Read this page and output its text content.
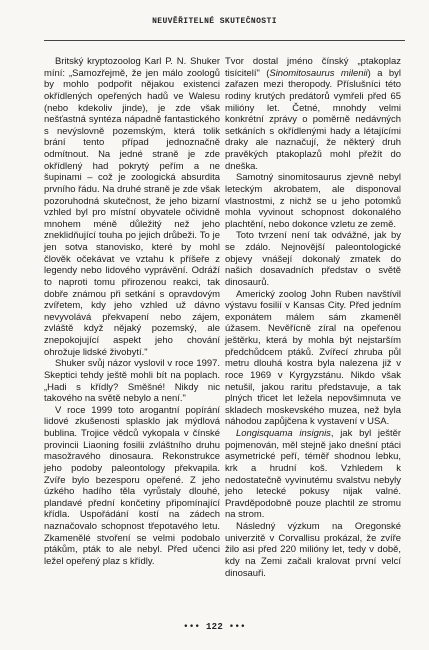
NEUVĚŘITELNÉ SKUTEČNOSTI

Britský kryptozoolog Karl P. N. Shuker míní: „Samozřejmě, že jen málo zoologů by mohlo podpořit nějakou existenci okřídlených opeřených hadů ve Walesu (nebo kdekoliv jinde), je zde však nešťastná syntéza nápadně fantastického s nevýslovně pozemským, která tolik brání tento případ jednoznačně odmítnout. Na jedné straně je zde okřídlený had pokrytý peřím a ne šupinami – což je zoologická absurdita prvního řádu. Na druhé straně je zde však pozoruhodná skutečnost, že jeho bizarní vzhled byl pro místní obyvatele očividně mnohem méně důležitý než jeho zneklidňující touha po jejich drůbeži. To je jen sotva stanovisko, které by mohl člověk očekávat ve vztahu k příšeře z legendy nebo lidového vyprávění. Odráží to naproti tomu přirozenou reakci, tak dobře známou při setkání s opravdovým zvířetem, kdy jeho vzhled už dávno nevyvolává překvapení nebo zájem, zvláště když nějaký pozemský, ale znepokojující aspekt jeho chování ohrožuje lidské živobytí."

Shuker svůj názor vyslovil v roce 1997. Skeptici tehdy ještě mohli bít na poplach. „Hadi s křídly? Směšné! Nikdy nic takového na světě nebylo a není."

V roce 1999 toto arogantní popírání lidové zkušenosti splasklo jak mýdlová bublina. Trojice vědců vykopala v čínské provincii Liaoning fosilii zvláštního druhu masožravého dinosaura. Rekonstrukce jeho podoby paleontology překvapila. Zvíře bylo bezesporu opeřené. Z jeho úzkého hadího těla vyrůstaly dlouhé, plandavé přední končetiny připomínající křídla. Uspořádání kostí na zádech naznačovalo schopnost třepotavého letu. Zkamenělé stvoření se velmi podobalo ptákům, pták to ale nebyl. Před učenci ležel opeřený plaz s křídly.

Tvor dostal jméno čínský „ptakoplaz tisícitelí" (Sinomitosaurus milenii) a byl zařazen mezi theropody. Příslušníci této rodiny krutých predátorů vymřeli před 65 milióny let. Četné, mnohdy velmi konkrétní zprávy o poměrně nedávných setkáních s okřídlenými hady a létajícími draky ale naznačují, že některý druh pravěkých ptakoplazů mohl přežít do dneška.

Samotný sinomitosaurus zjevně nebyl leteckým akrobatem, ale disponoval vlastnostmi, z nichž se u jeho potomků mohla vyvinout schopnost dokonalého plachtění, nebo dokonce vzletu ze země.

Toto tvrzení není tak odvážné, jak by se zdálo. Nejnovější paleontologické objevy vnášejí dokonalý zmatek do našich dosavadních představ o světě dinosaurů.

Americký zoolog John Ruben navštívil výstavu fosilií v Kansas City. Před jedním exponátem málem sám zkameněl úžasem. Nevěřícně zíral na opeřenou ještěrku, která by mohla být nejstarším předchůdcem ptáků. Zvířecí zhruba půl metru dlouhá kostra byla nalezena již v roce 1969 v Kyrgyzstánu. Nikdo však netušil, jakou raritu představuje, a tak plných třicet let ležela nepovšimnuta ve skladech moskevského muzea, než byla náhodou zapůjčena k vystavení v USA.

Longisquama insignis, jak byl ještěr pojmenován, měl stejně jako dnešní ptáci asymetrické peří, téměř shodnou lebku, krk a hrudní koš. Vzhledem k nedostatečně vyvinutému svalstvu nebyly jeho letecké pokusy nijak valné. Pravděpodobně pouze plachtil ze stromu na strom.

Následný výzkum na Oregonské univerzitě v Corvallisu prokázal, že zvíře žilo asi před 220 milióny let, tedy v době, kdy na Zemi začali kralovat první velcí dinosauři.

••• 122 •••
